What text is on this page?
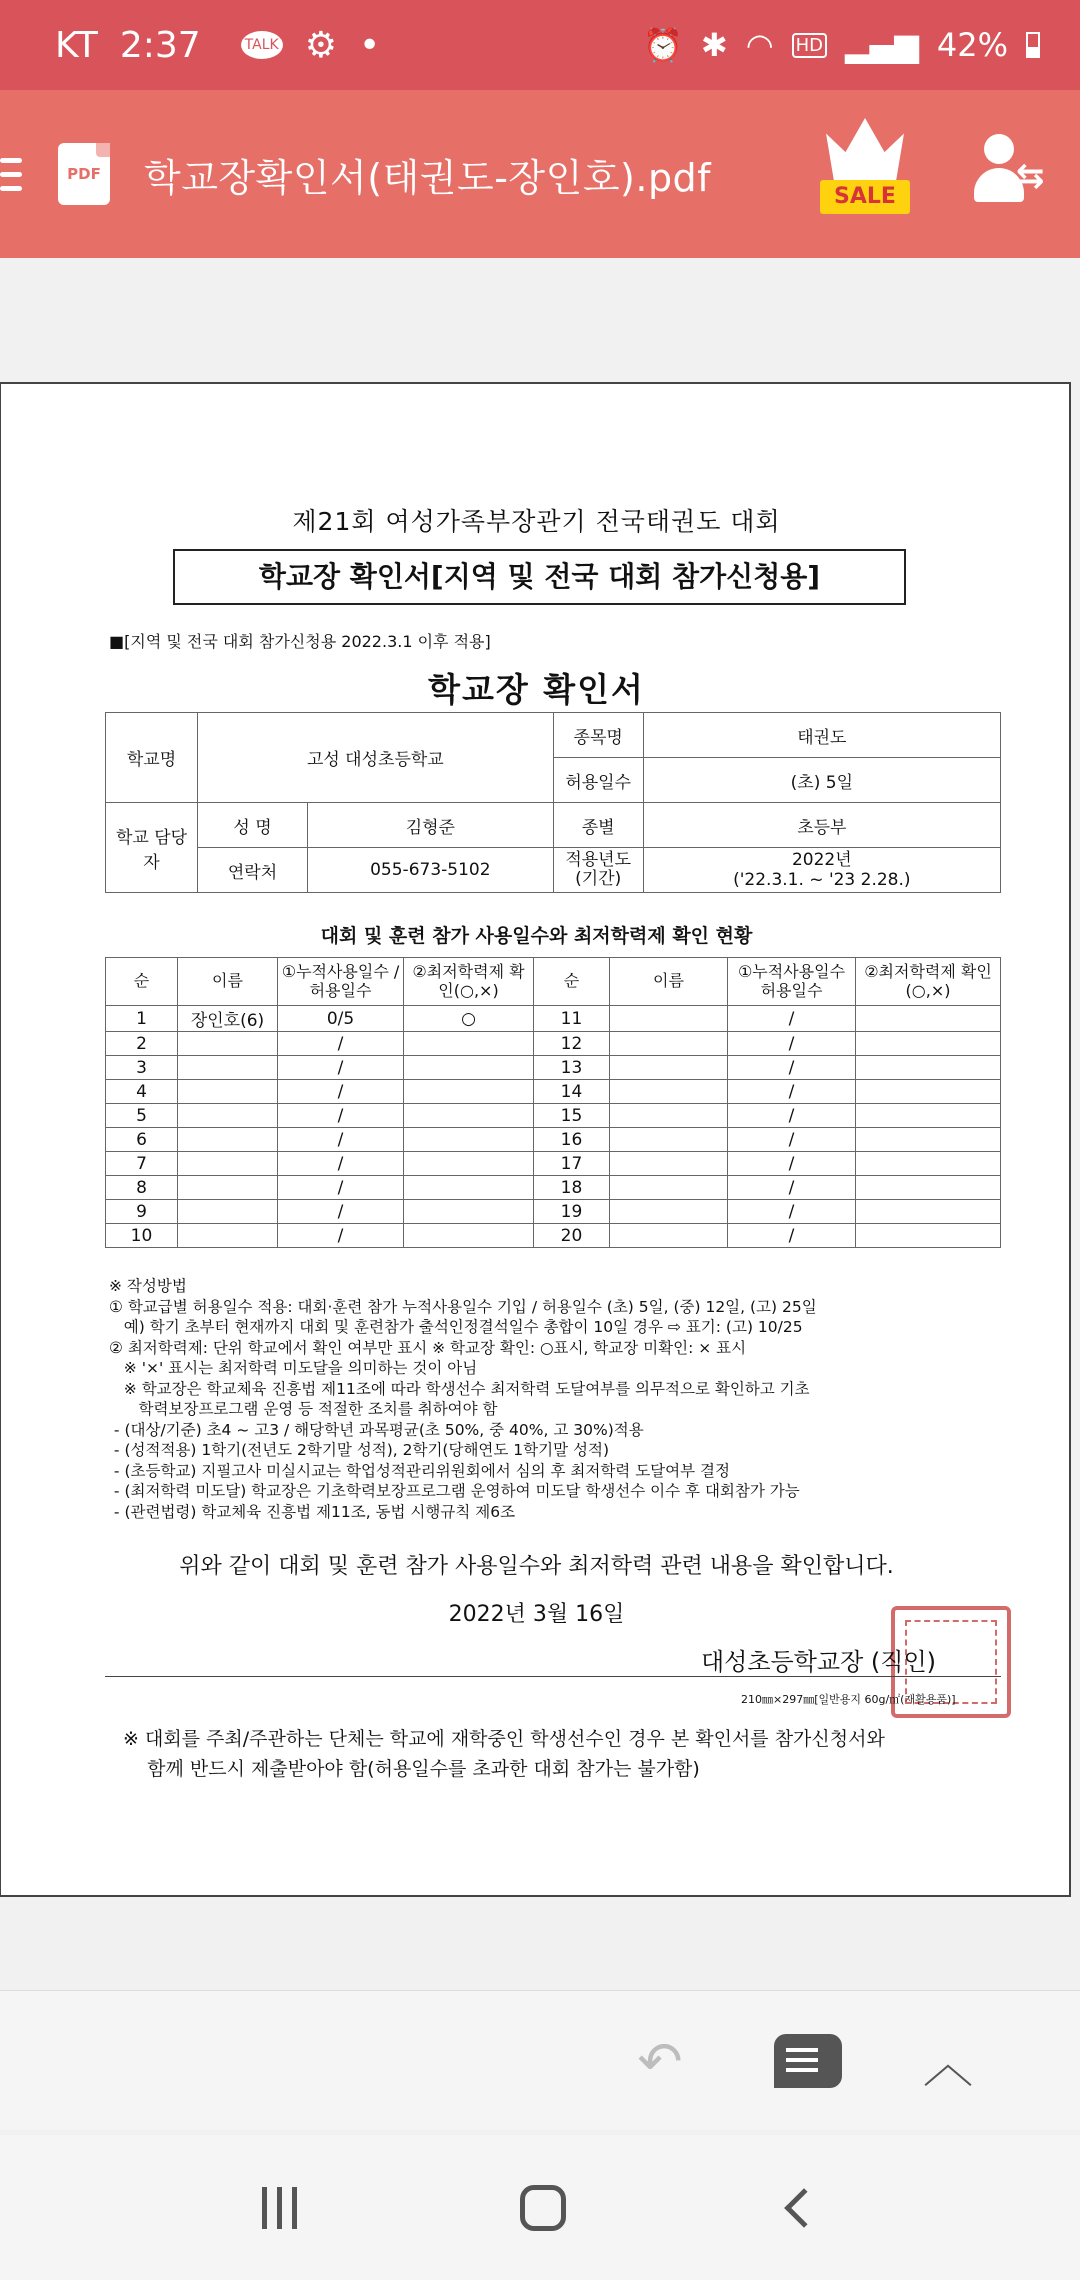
KT 2:37	TALK ⚙ •	⏰ ✱ ◠ HD ▂▄▆ 42%
PDF 학교장확인서(태권도-장인호).pdf	SALE
⇆
제21회 여성가족부장관기 전국태권도 대회
학교장 확인서[지역 및 전국 대회 참가신청용]
■[지역 및 전국 대회 참가신청용 2022.3.1 이후 적용]
학교장 확인서
학교명	고성 대성초등학교		종목명	태권도
			허용일수	(초) 5일
학교 담당자	성 명	김형준	종별	초등부
	연락처	055-673-5102	적용년도 (기간)	2022년
('22.3.1. ~ '23 2.28.)
대회 및 훈련 참가 사용일수와 최저학력제 확인 현황
순	이름	①누적사용일수 /허용일수	②최저학력제 확인(○,×)	순	이름	①누적사용일수 허용일수	②최저학력제 확인(○,×)
1	장인호(6)	0/5	○	11		/	
2		/		12		/	
3		/		13		/	
4		/		14		/	
5		/		15		/	
6		/		16		/	
7		/		17		/	
8		/		18		/	
9		/		19		/	
10		/		20		/	
※ 작성방법
① 학교급별 허용일수 적용: 대회·훈련 참가 누적사용일수 기입 / 허용일수 (초) 5일, (중) 12일, (고) 25일
예) 학기 초부터 현재까지 대회 및 훈련참가 출석인정결석일수 총합이 10일 경우 ⇨ 표기: (고) 10/25
② 최저학력제: 단위 학교에서 확인 여부만 표시 ※ 학교장 확인: ○표시, 학교장 미확인: × 표시
※ '×' 표시는 최저학력 미도달을 의미하는 것이 아님
※ 학교장은 학교체육 진흥법 제11조에 따라 학생선수 최저학력 도달여부를 의무적으로 확인하고 기초
학력보장프로그램 운영 등 적절한 조치를 취하여야 함
- (대상/기준) 초4 ~ 고3 / 해당학년 과목평균(초 50%, 중 40%, 고 30%)적용
- (성적적용) 1학기(전년도 2학기말 성적), 2학기(당해연도 1학기말 성적)
- (초등학교) 지필고사 미실시교는 학업성적관리위원회에서 심의 후 최저학력 도달여부 결정
- (최저학력 미도달) 학교장은 기초학력보장프로그램 운영하여 미도달 학생선수 이수 후 대회참가 가능
- (관련법령) 학교체육 진흥법 제11조, 동법 시행규칙 제6조
위와 같이 대회 및 훈련 참가 사용일수와 최저학력 관련 내용을 확인합니다.
2022년 3월 16일
대성초등학교장 (직인)
210㎜×297㎜[일반용지 60g/㎡(재활용품)]
※ 대회를 주최/주관하는 단체는 학교에 재학중인 학생선수인 경우 본 확인서를 참가신청서와
함께 반드시 제출받아야 함(허용일수를 초과한 대회 참가는 불가함)
↶	︿
